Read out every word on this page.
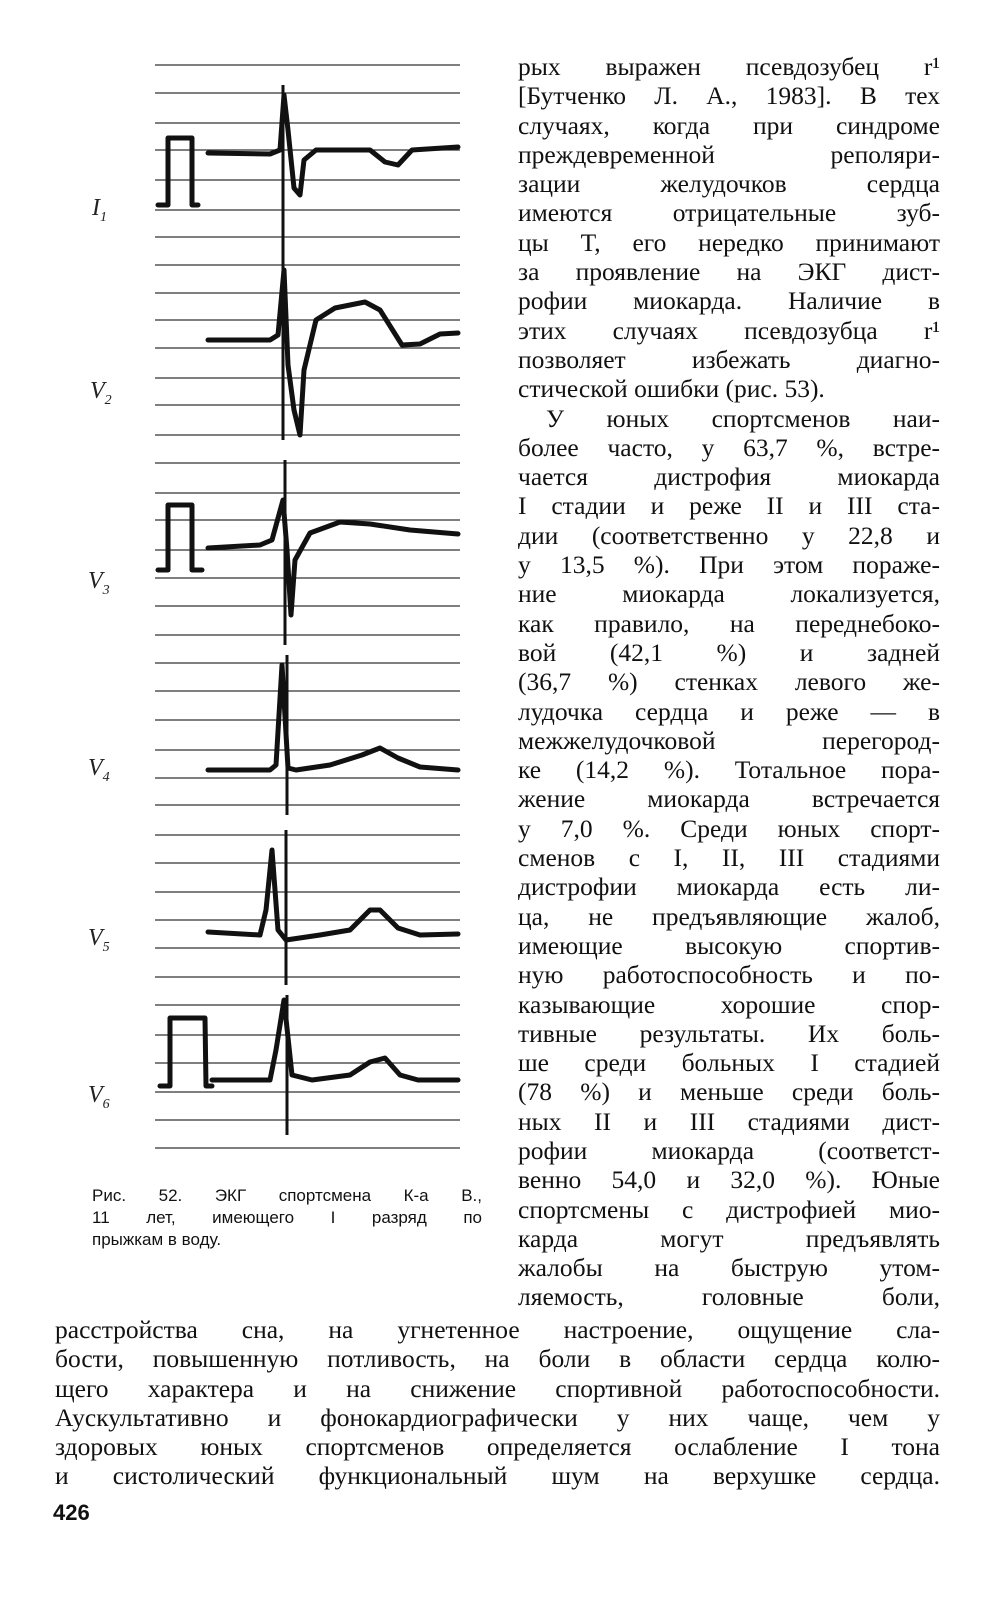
$I_1$
$V_2$
$V_3$
$V_4$
$V_5$
$V_6$
Рис. 52. ЭКГ спортсмена К-а В.,
11 лет, имеющего I разряд по
прыжкам в воду.
рых выражен псевдозубец r¹
[Бутченко Л. А., 1983]. В тех
случаях, когда при синдроме
преждевременной реполяри-
зации желудочков сердца
имеются отрицательные зуб-
цы T, его нередко принимают
за проявление на ЭКГ дист-
рофии миокарда. Наличие в
этих случаях псевдозубца r¹
позволяет избежать диагно-
стической ошибки (рис. 53).
У юных спортсменов наи-
более часто, у 63,7 %, встре-
чается дистрофия миокарда
I стадии и реже II и III ста-
дии (соответственно у 22,8 и
у 13,5 %). При этом пораже-
ние миокарда локализуется,
как правило, на переднебоко-
вой (42,1 %) и задней
(36,7 %) стенках левого же-
лудочка сердца и реже — в
межжелудочковой перегород-
ке (14,2 %). Тотальное пора-
жение миокарда встречается
у 7,0 %. Среди юных спорт-
сменов с I, II, III стадиями
дистрофии миокарда есть ли-
ца, не предъявляющие жалоб,
имеющие высокую спортив-
ную работоспособность и по-
казывающие хорошие спор-
тивные результаты. Их боль-
ше среди больных I стадией
(78 %) и меньше среди боль-
ных II и III стадиями дист-
рофии миокарда (соответст-
венно 54,0 и 32,0 %). Юные
спортсмены с дистрофией мио-
карда могут предъявлять
жалобы на быструю утом-
ляемость, головные боли,
расстройства сна, на угнетенное настроение, ощущение сла-
бости, повышенную потливость, на боли в области сердца колю-
щего характера и на снижение спортивной работоспособности.
Аускультативно и фонокардиографически у них чаще, чем у
здоровых юных спортсменов определяется ослабление I тона
и систолический функциональный шум на верхушке сердца.
426
